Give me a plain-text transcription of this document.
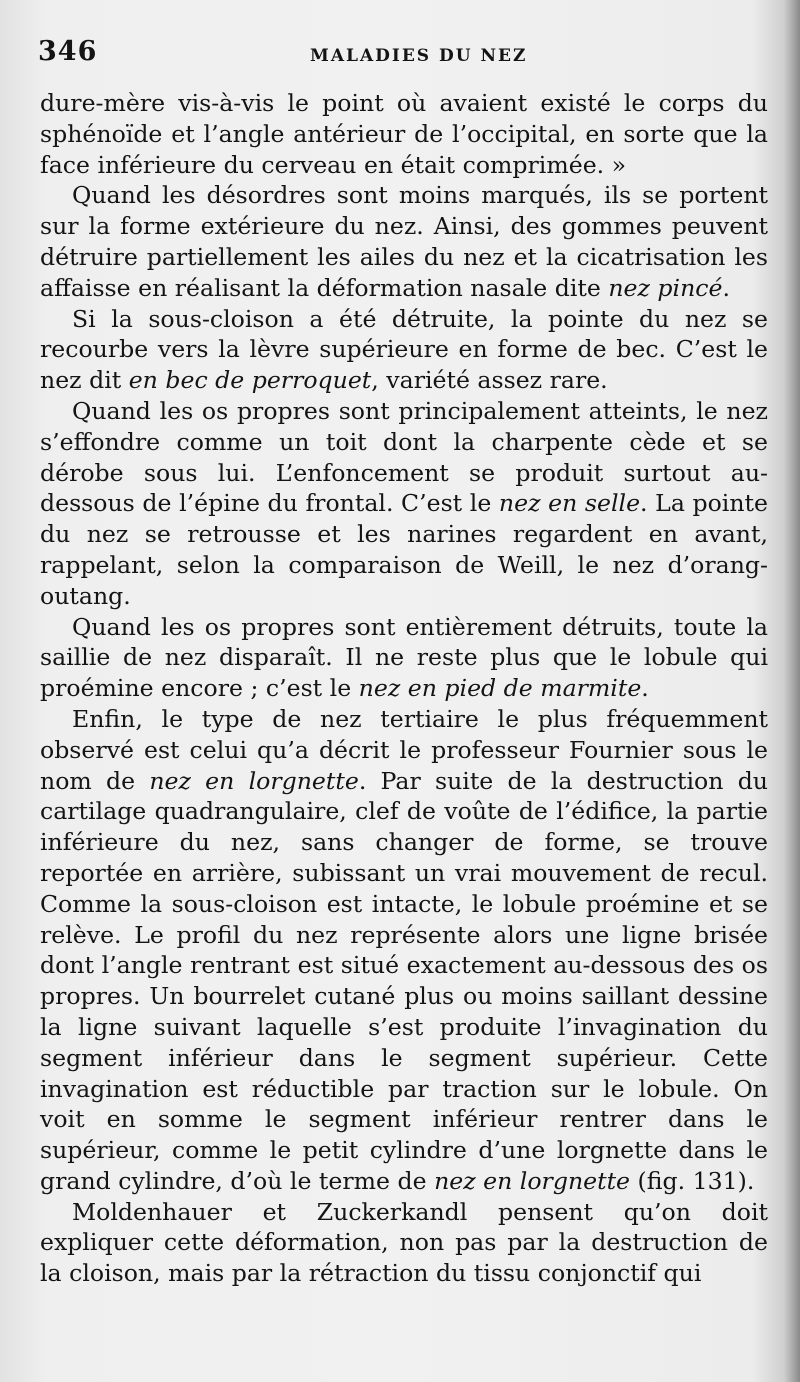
346	MALADIES DU NEZ

dure-mère vis-à-vis le point où avaient existé le corps du sphénoïde et l’angle antérieur de l’occipital, en sorte que la face inférieure du cerveau en était comprimée. »

Quand les désordres sont moins marqués, ils se portent sur la forme extérieure du nez. Ainsi, des gommes peuvent détruire partiellement les ailes du nez et la cicatrisation les affaisse en réalisant la déformation nasale dite nez pincé.

Si la sous-cloison a été détruite, la pointe du nez se recourbe vers la lèvre supérieure en forme de bec. C’est le nez dit en bec de perroquet, variété assez rare.

Quand les os propres sont principalement atteints, le nez s’effondre comme un toit dont la charpente cède et se dérobe sous lui. L’enfoncement se produit surtout au-dessous de l’épine du frontal. C’est le nez en selle. La pointe du nez se retrousse et les narines regardent en avant, rappelant, selon la comparaison de Weill, le nez d’orang-outang.

Quand les os propres sont entièrement détruits, toute la saillie de nez disparaît. Il ne reste plus que le lobule qui proémine encore ; c’est le nez en pied de marmite.

Enfin, le type de nez tertiaire le plus fréquemment observé est celui qu’a décrit le professeur Fournier sous le nom de nez en lorgnette. Par suite de la destruction du cartilage quadrangulaire, clef de voûte de l’édifice, la partie inférieure du nez, sans changer de forme, se trouve reportée en arrière, subissant un vrai mouvement de recul. Comme la sous-cloison est intacte, le lobule proémine et se relève. Le profil du nez représente alors une ligne brisée dont l’angle rentrant est situé exactement au-dessous des os propres. Un bourrelet cutané plus ou moins saillant dessine la ligne suivant laquelle s’est produite l’invagination du segment inférieur dans le segment supérieur. Cette invagination est réductible par traction sur le lobule. On voit en somme le segment inférieur rentrer dans le supérieur, comme le petit cylindre d’une lorgnette dans le grand cylindre, d’où le terme de nez en lorgnette (fig. 131).

Moldenhauer et Zuckerkandl pensent qu’on doit expliquer cette déformation, non pas par la destruction de la cloison, mais par la rétraction du tissu conjonctif qui
